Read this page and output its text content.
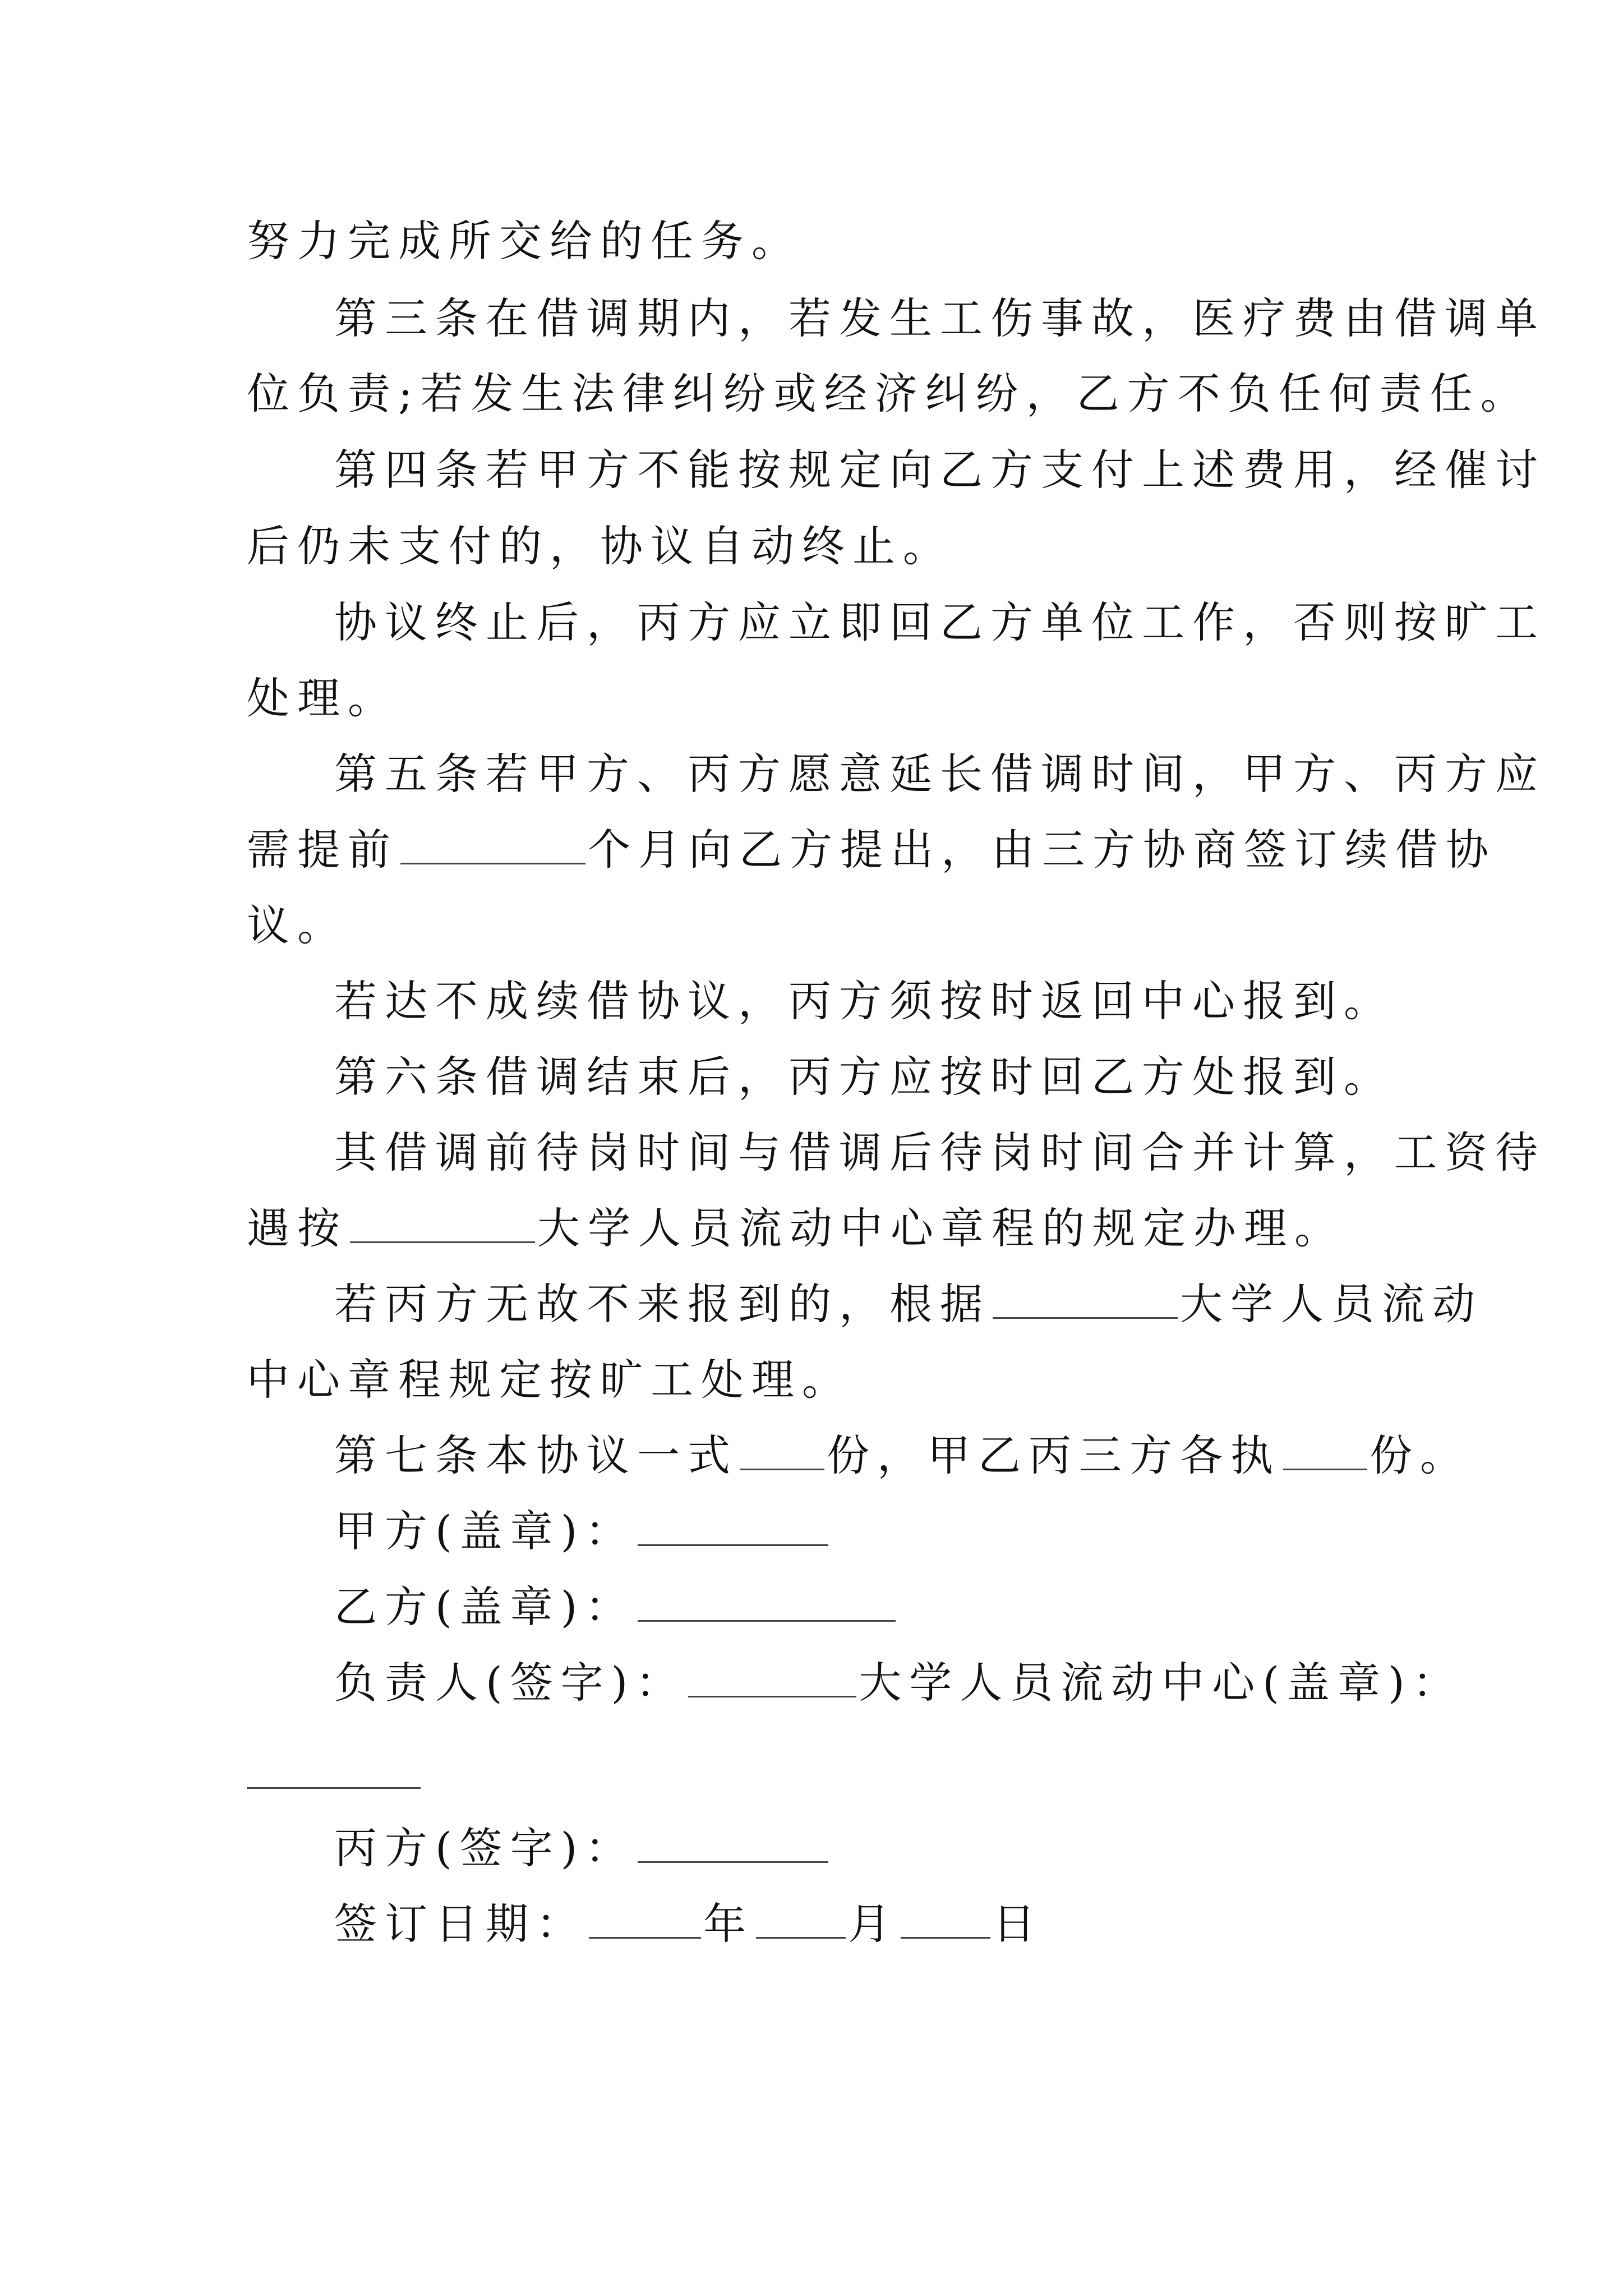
努力完成所交给的任务。
第三条在借调期内，若发生工伤事故，医疗费由借调单
位负责;若发生法律纠纷或经济纠纷，乙方不负任何责任。
第四条若甲方不能按规定向乙方支付上述费用，经催讨
后仍未支付的，协议自动终止。
协议终止后，丙方应立即回乙方单位工作，否则按旷工
处理。
第五条若甲方、丙方愿意延长借调时间，甲方、丙方应
需提前	个月向乙方提出，由三方协商签订续借协
议。
若达不成续借协议，丙方须按时返回中心报到。
第六条借调结束后，丙方应按时回乙方处报到。
其借调前待岗时间与借调后待岗时间合并计算，工资待
遇按	大学人员流动中心章程的规定办理。
若丙方无故不来报到的，根据	大学人员流动
中心章程规定按旷工处理。
第七条本协议一式 份，甲乙丙三方各执 份。
甲方(盖章)：
乙方(盖章)：
负责人(签字)：	大学人员流动中心(盖章)：
丙方(签字)：
签订日期：	年 月 日
